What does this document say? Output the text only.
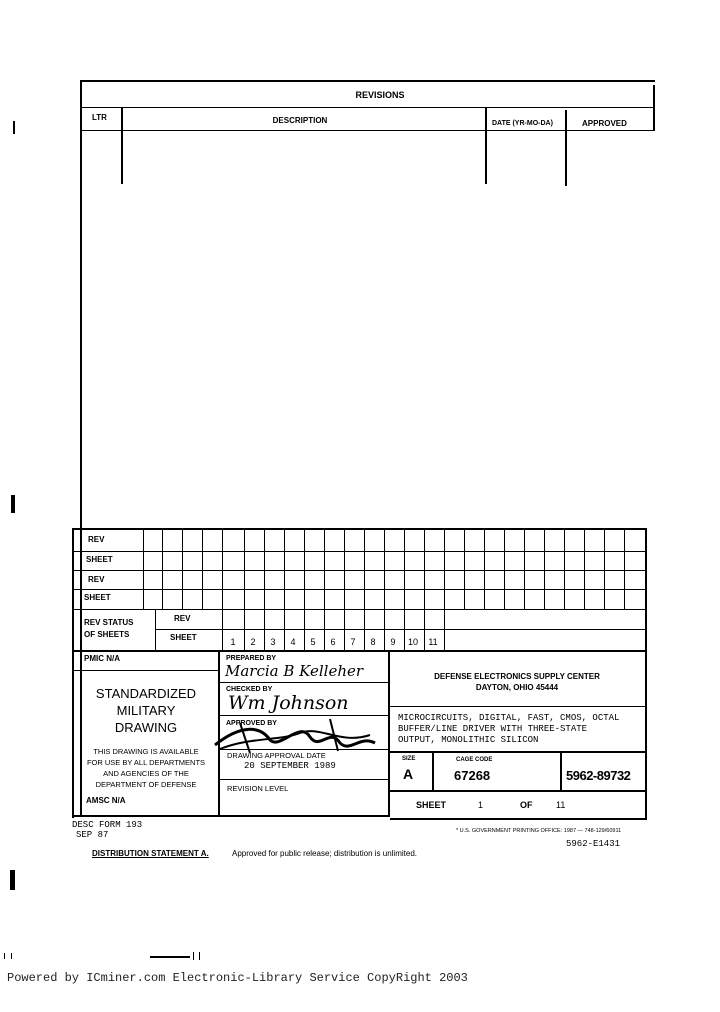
REVISIONS
LTR	DESCRIPTION	DATE (YR-MO-DA)	APPROVED
REV
SHEET
REV
SHEET
REV STATUS
OF SHEETS
REV
SHEET	1	2	3	4	5	6	7	8	9	10	11
PMIC N/A
STANDARDIZED
MILITARY
DRAWING
THIS DRAWING IS AVAILABLE
FOR USE BY ALL DEPARTMENTS
AND AGENCIES OF THE
DEPARTMENT OF DEFENSE
AMSC N/A
PREPARED BY
Marcia B Kelleher
CHECKED BY
Wm Johnson
APPROVED BY
DRAWING APPROVAL DATE
20 SEPTEMBER 1989
REVISION LEVEL
DEFENSE ELECTRONICS SUPPLY CENTER
DAYTON, OHIO 45444
MICROCIRCUITS, DIGITAL, FAST, CMOS, OCTAL
BUFFER/LINE DRIVER WITH THREE-STATE
OUTPUT, MONOLITHIC SILICON
SIZE
A
CAGE CODE
67268	5962-89732
SHEET	1	OF	11
DESC FORM 193
SEP 87	* U.S. GOVERNMENT PRINTING OFFICE: 1987 — 748-129/60911
5962-E1431
DISTRIBUTION STATEMENT A.	Approved for public release; distribution is unlimited.
Powered by ICminer.com Electronic-Library Service CopyRight 2003
